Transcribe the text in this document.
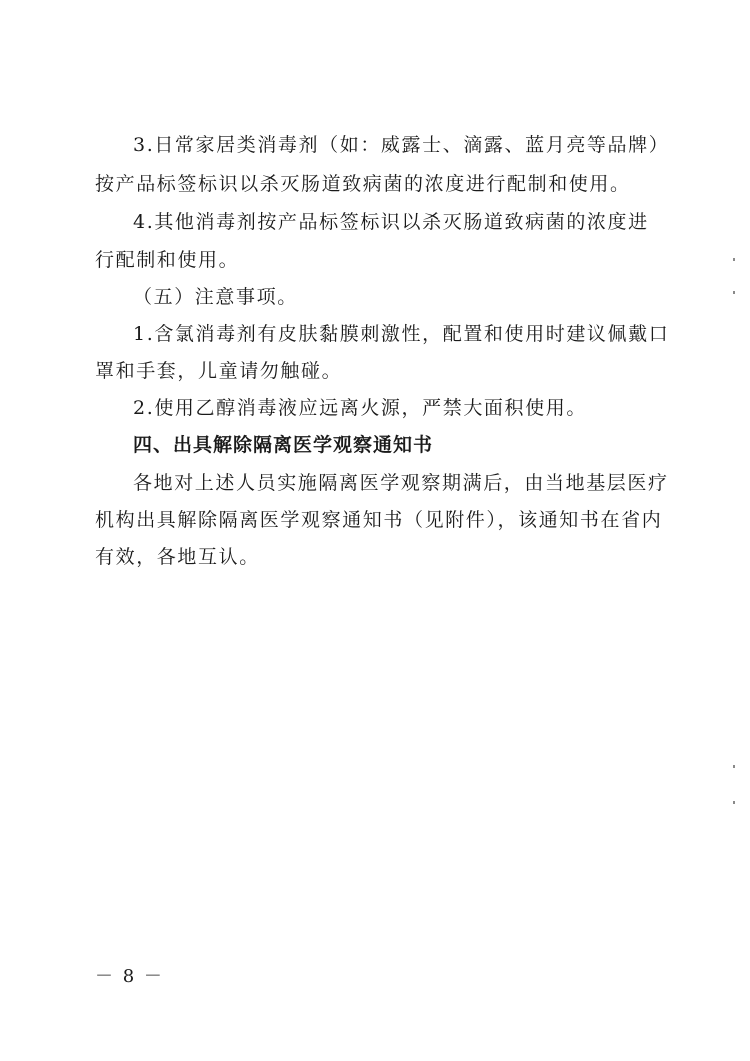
3.日常家居类消毒剂（如：威露士、滴露、蓝月亮等品牌）
按产品标签标识以杀灭肠道致病菌的浓度进行配制和使用。
4.其他消毒剂按产品标签标识以杀灭肠道致病菌的浓度进
行配制和使用。
（五）注意事项。
1.含氯消毒剂有皮肤黏膜刺激性，配置和使用时建议佩戴口
罩和手套，儿童请勿触碰。
2.使用乙醇消毒液应远离火源，严禁大面积使用。
四、出具解除隔离医学观察通知书
各地对上述人员实施隔离医学观察期满后，由当地基层医疗
机构出具解除隔离医学观察通知书（见附件），该通知书在省内
有效，各地互认。
－ 8 －
